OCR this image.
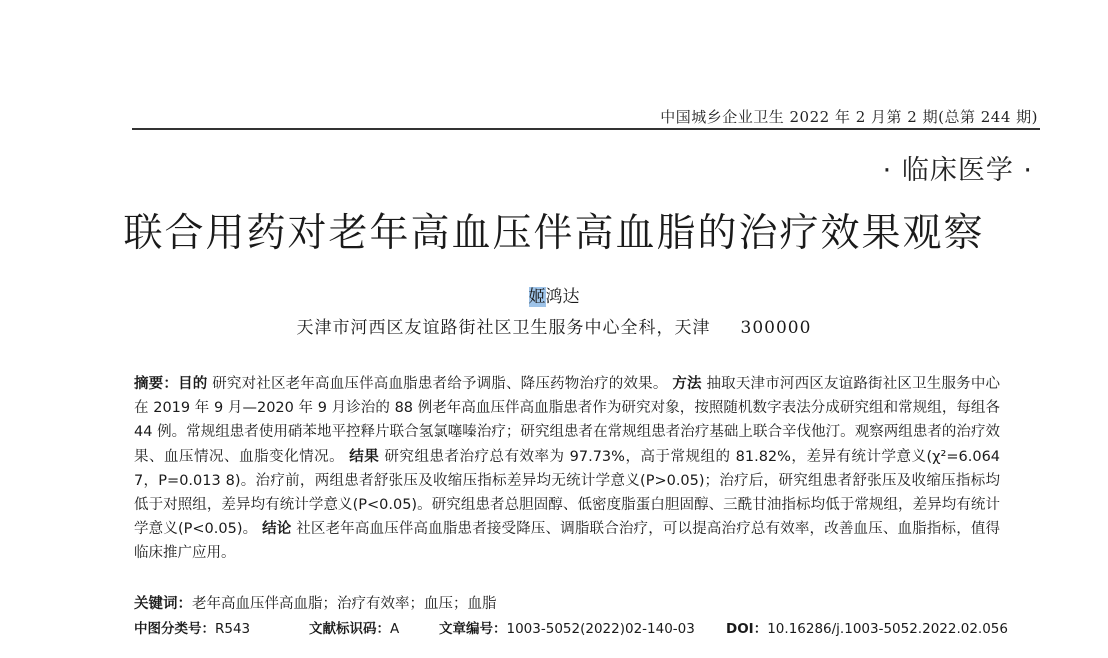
中国城乡企业卫生 2022 年 2 月第 2 期(总第 244 期)
· 临床医学 ·
联合用药对老年高血压伴高血脂的治疗效果观察
姬鸿达
天津市河西区友谊路街社区卫生服务中心全科，天津 300000
摘要：目的 研究对社区老年高血压伴高血脂患者给予调脂、降压药物治疗的效果。 方法 抽取天津市河西区友谊路街社区卫生服务中心在 2019 年 9 月—2020 年 9 月诊治的 88 例老年高血压伴高血脂患者作为研究对象，按照随机数字表法分成研究组和常规组，每组各 44 例。常规组患者使用硝苯地平控释片联合氢氯噻嗪治疗；研究组患者在常规组患者治疗基础上联合辛伐他汀。观察两组患者的治疗效果、血压情况、血脂变化情况。 结果 研究组患者治疗总有效率为 97.73%，高于常规组的 81.82%，差异有统计学意义(χ²=6.064 7，P=0.013 8)。治疗前，两组患者舒张压及收缩压指标差异均无统计学意义(P>0.05)；治疗后，研究组患者舒张压及收缩压指标均低于对照组，差异均有统计学意义(P<0.05)。研究组患者总胆固醇、低密度脂蛋白胆固醇、三酰甘油指标均低于常规组，差异均有统计学意义(P<0.05)。 结论 社区老年高血压伴高血脂患者接受降压、调脂联合治疗，可以提高治疗总有效率，改善血压、血脂指标，值得临床推广应用。
关键词：老年高血压伴高血脂；治疗有效率；血压；血脂
中图分类号：R543	文献标识码：A	文章编号：1003-5052(2022)02-140-03 DOI：10.16286/j.1003-5052.2022.02.056
